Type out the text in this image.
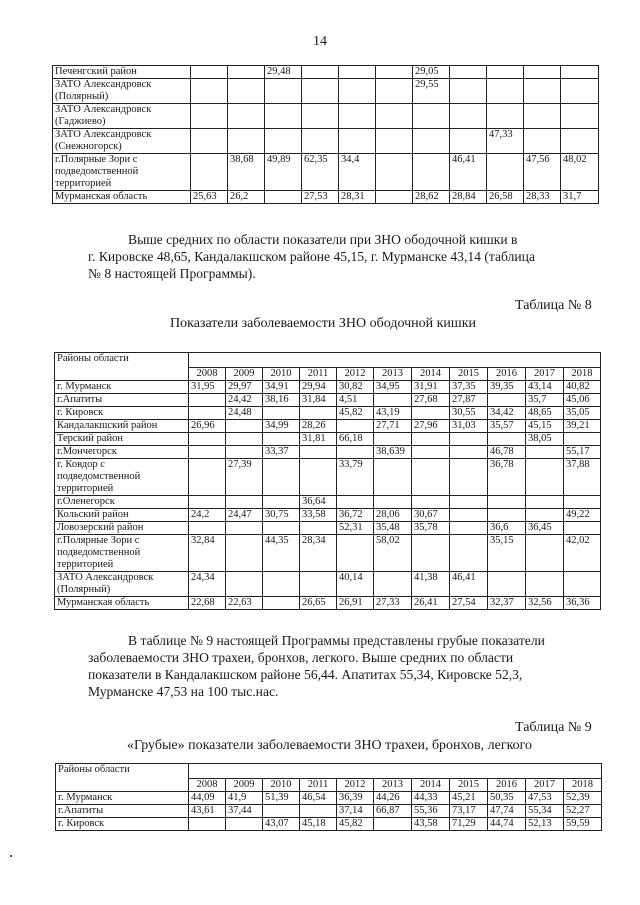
14
Печенгский район			29,48				29,05				
ЗАТО Александровск (Полярный)							29,55				
ЗАТО Александровск (Гаджиево)											
ЗАТО Александровск (Снежногорск)									47,33		
г.Полярные Зори с подведомственной территорией		38,68	49,89	62,35	34,4			46,41		47,56	48,02
Мурманская область	25,63	26,2		27,53	28,31		28,62	28,84	26,58	28,33	31,7
Выше средних по области показатели при ЗНО ободочной кишки в
г. Кировске 48,65, Кандалакшском районе 45,15, г. Мурманске 43,14 (таблица
№ 8 настоящей Программы).
Таблица № 8
Показатели заболеваемости ЗНО ободочной кишки
Районы области											
	2008	2009	2010	2011	2012	2013	2014	2015	2016	2017	2018
г. Мурманск	31,95	29,97	34,91	29,94	30,82	34,95	31,91	37,35	39,35	43,14	40,82
г.Апатиты		24,42	38,16	31,84	4,51		27,68	27,87		35,7	45,06
г. Кировск		24,48			45,82	43,19		30,55	34,42	48,65	35,05
Кандалакшский район	26,96		34,99	28,26		27,71	27,96	31,03	35,57	45,15	39,21
Терский район				31,81	66,18					38,05	
г.Мончегорск			33,37			38,639			46,78		55,17
г. Ковдор с подведомственной территорией		27,39			33,79				36,78		37,88
г.Оленегорск				36,64							
Кольский район	24,2	24,47	30,75	33,58	36,72	28,06	30,67				49,22
Ловозерский район					52,31	35,48	35,78		36,6	36,45	
г.Полярные Зори с подведомственной территорией	32,84		44,35	28,34		58,02			35,15		42,02
ЗАТО Александровск (Полярный)	24,34				40,14		41,38	46,41			
Мурманская область	22,68	22,63		26,65	26,91	27,33	26,41	27,54	32,37	32,56	36,36
В таблице № 9 настоящей Программы представлены грубые показатели
заболеваемости ЗНО трахеи, бронхов, легкого. Выше средних по области
показатели в Кандалакшском районе 56,44. Апатитах 55,34, Кировске 52,3,
Мурманске 47,53 на 100 тыс.нас.
Таблица № 9
«Грубые» показатели заболеваемости ЗНО трахеи, бронхов, легкого
Районы области											
	2008	2009	2010	2011	2012	2013	2014	2015	2016	2017	2018
г. Мурманск	44,09	41,9	51,39	46,54	36,39	44,26	44,33	45,21	50,35	47,53	52,39
г.Апатиты	43,61	37,44			37,14	66,87	55,36	73,17	47,74	55,34	52,27
г. Кировск			43,07	45,18	45,82		43,58	71,29	44,74	52,13	59,59
